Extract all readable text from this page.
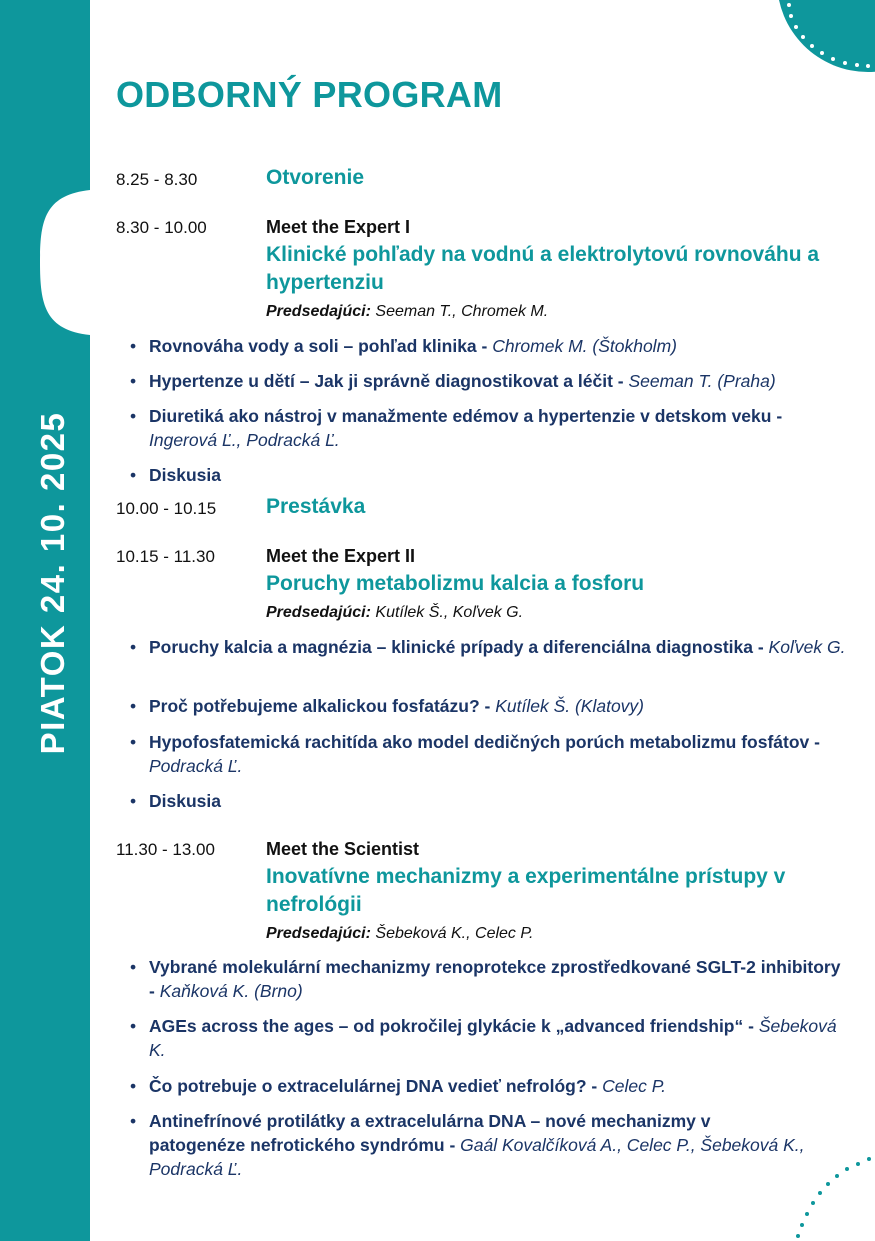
PIATOK 24. 10. 2025
ODBORNÝ PROGRAM
8.25 - 8.30	Otvorenie
8.30 - 10.00	Meet the Expert I
Klinické pohľady na vodnú a elektrolytovú rovnováhu a hypertenziu
Predsedajúci: Seeman T., Chromek M.
• Rovnováha vody a soli – pohľad klinika - Chromek M. (Štokholm)
• Hypertenze u dětí – Jak ji správně diagnostikovat a léčit - Seeman T. (Praha)
• Diuretiká ako nástroj v manažmente edémov a hypertenzie v detskom veku - Ingerová Ľ., Podracká Ľ.
• Diskusia
10.00 - 10.15 Prestávka
10.15 - 11.30	Meet the Expert II
Poruchy metabolizmu kalcia a fosforu
Predsedajúci: Kutílek Š., Koľvek G.
• Poruchy kalcia a magnézia – klinické prípady a diferenciálna diagnostika - Koľvek G.
• Proč potřebujeme alkalickou fosfatázu? - Kutílek Š. (Klatovy)
• Hypofosfatemická rachitída ako model dedičných porúch metabolizmu fosfátov - Podracká Ľ.
• Diskusia
11.30 - 13.00	Meet the Scientist
Inovatívne mechanizmy a experimentálne prístupy v nefrológii
Predsedajúci: Šebeková K., Celec P.
• Vybrané molekulární mechanizmy renoprotekce zprostředkované SGLT-2 inhibitory - Kaňková K. (Brno)
• AGEs across the ages – od pokročilej glykácie k „advanced friendship“ - Šebeková K.
• Čo potrebuje o extracelulárnej DNA vedieť nefrológ? - Celec P.
• Antinefrínové protilátky a extracelulárna DNA – nové mechanizmy v patogenéze nefrotického syndrómu - Gaál Kovalčíková A., Celec P., Šebeková K., Podracká Ľ.
